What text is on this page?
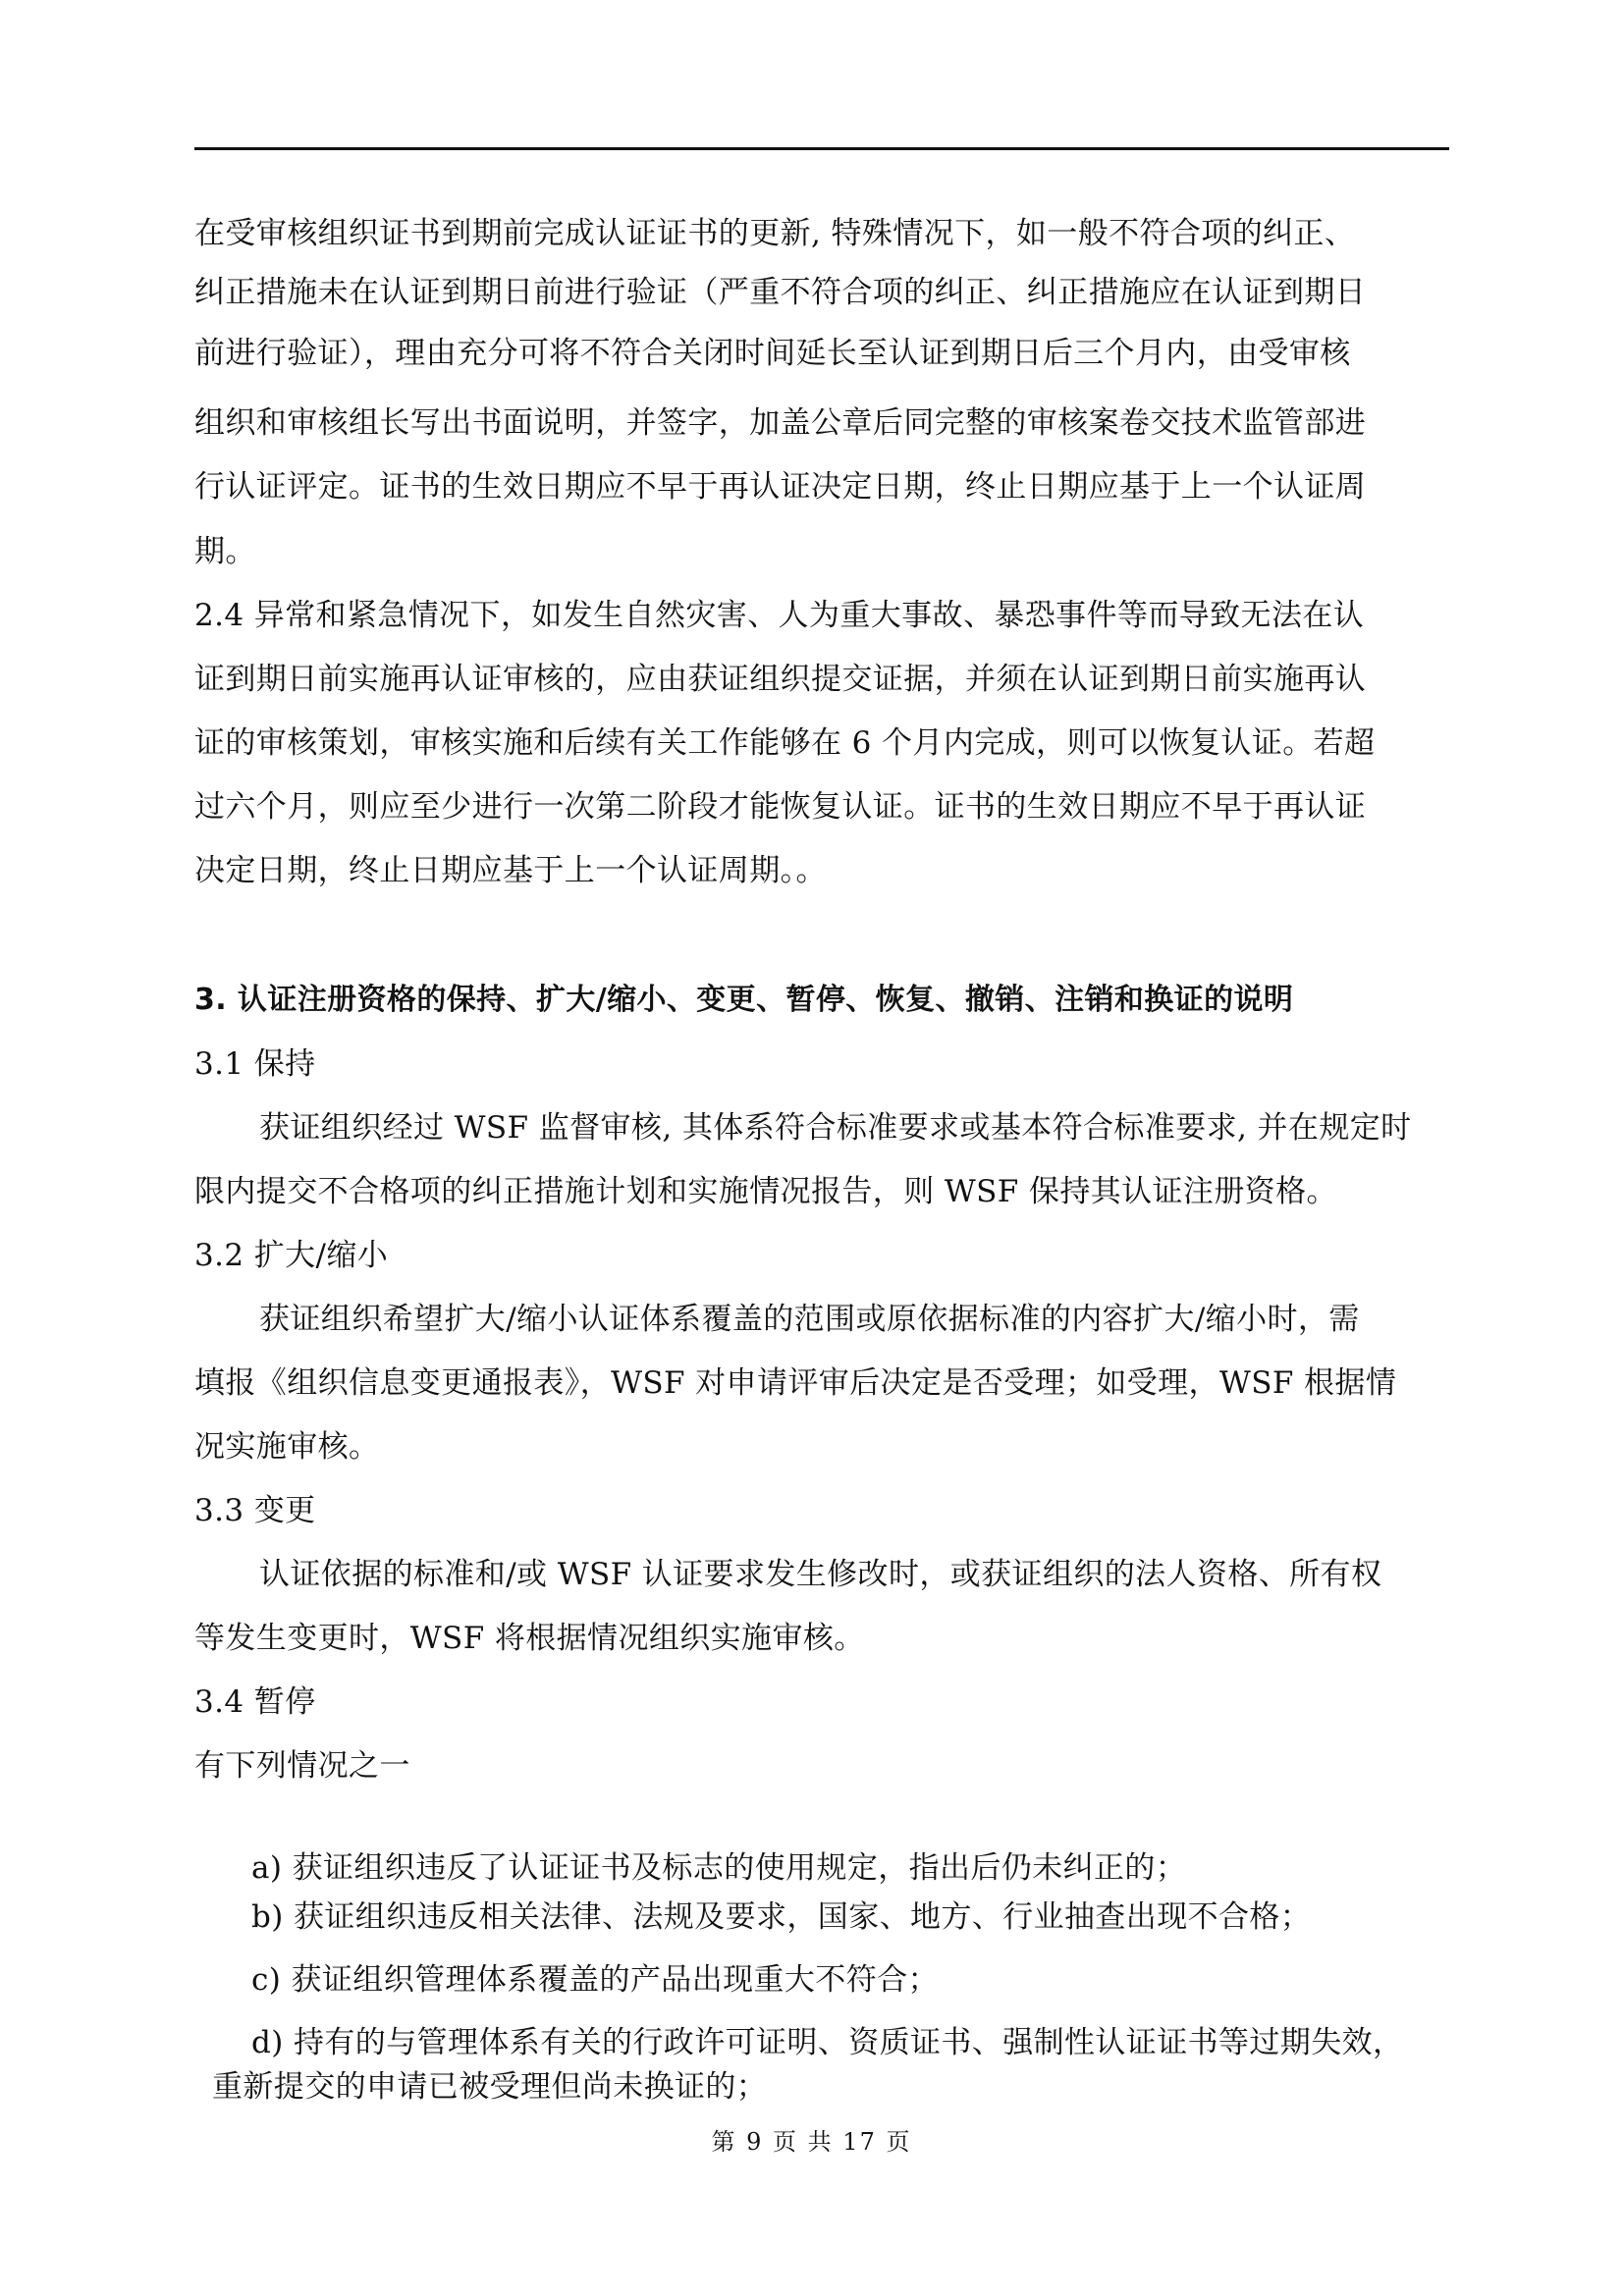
在受审核组织证书到期前完成认证证书的更新, 特殊情况下，如一般不符合项的纠正、
纠正措施未在认证到期日前进行验证（严重不符合项的纠正、纠正措施应在认证到期日
前进行验证），理由充分可将不符合关闭时间延长至认证到期日后三个月内，由受审核
组织和审核组长写出书面说明，并签字，加盖公章后同完整的审核案卷交技术监管部进
行认证评定。证书的生效日期应不早于再认证决定日期，终止日期应基于上一个认证周
期。
2.4 异常和紧急情况下，如发生自然灾害、人为重大事故、暴恐事件等而导致无法在认
证到期日前实施再认证审核的，应由获证组织提交证据，并须在认证到期日前实施再认
证的审核策划，审核实施和后续有关工作能够在 6 个月内完成，则可以恢复认证。若超
过六个月，则应至少进行一次第二阶段才能恢复认证。证书的生效日期应不早于再认证
决定日期，终止日期应基于上一个认证周期。。
3. 认证注册资格的保持、扩大/缩小、变更、暂停、恢复、撤销、注销和换证的说明
3.1 保持
获证组织经过 WSF 监督审核, 其体系符合标准要求或基本符合标准要求, 并在规定时
限内提交不合格项的纠正措施计划和实施情况报告，则 WSF 保持其认证注册资格。
3.2 扩大/缩小
获证组织希望扩大/缩小认证体系覆盖的范围或原依据标准的内容扩大/缩小时，需
填报《组织信息变更通报表》，WSF 对申请评审后决定是否受理；如受理，WSF 根据情
况实施审核。
3.3 变更
认证依据的标准和/或 WSF 认证要求发生修改时，或获证组织的法人资格、所有权
等发生变更时，WSF 将根据情况组织实施审核。
3.4 暂停
有下列情况之一
a) 获证组织违反了认证证书及标志的使用规定，指出后仍未纠正的；
b) 获证组织违反相关法律、法规及要求，国家、地方、行业抽查出现不合格；
c) 获证组织管理体系覆盖的产品出现重大不符合；
d) 持有的与管理体系有关的行政许可证明、资质证书、强制性认证证书等过期失效，
重新提交的申请已被受理但尚未换证的；
第 9 页 共 17 页
